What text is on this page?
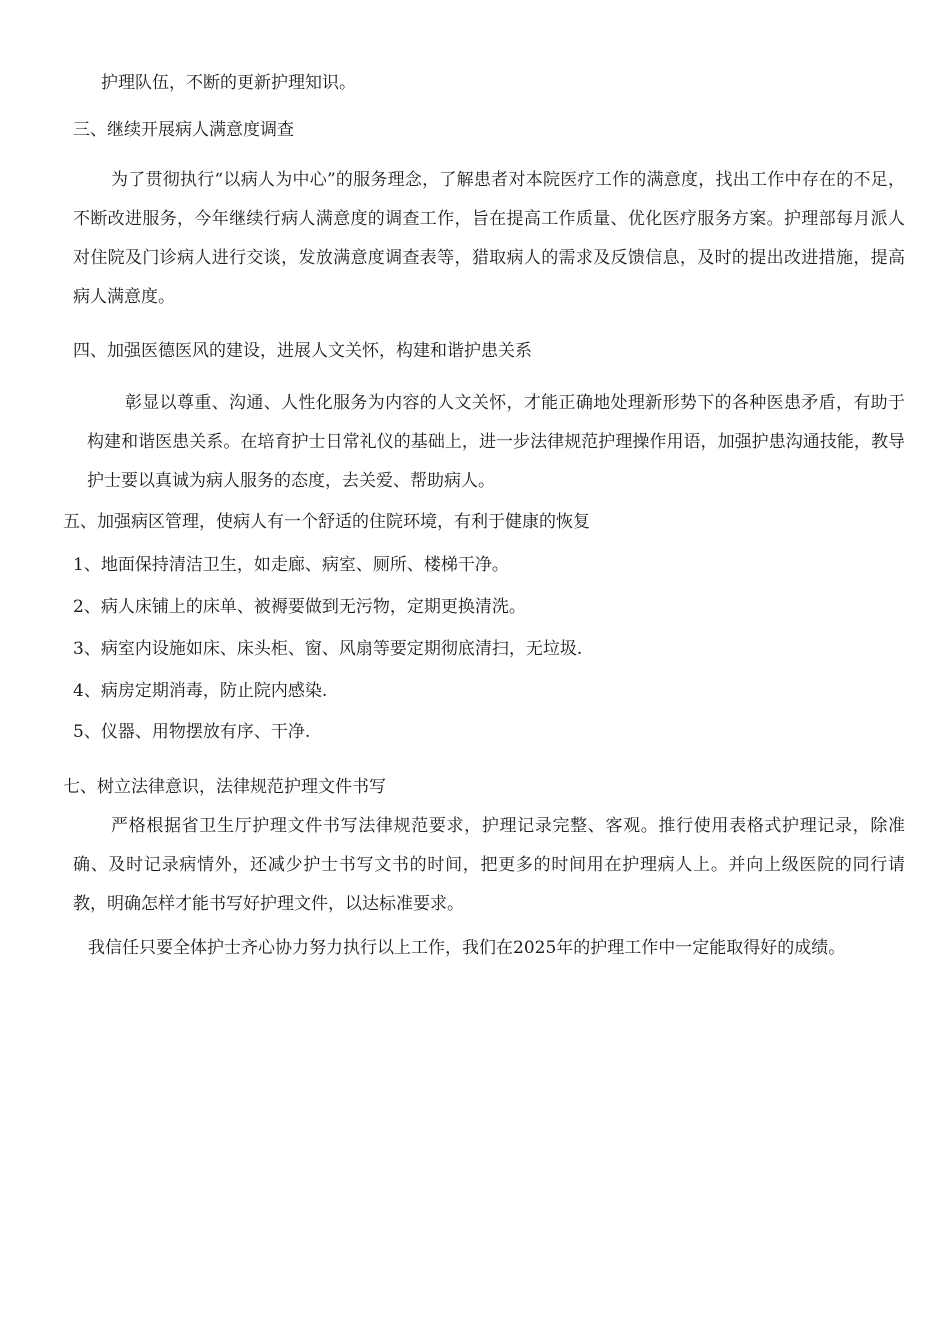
护理队伍，不断的更新护理知识。
三、继续开展病人满意度调查
为了贯彻执行“以病人为中心”的服务理念，了解患者对本院医疗工作的满意度，找出工作中存在的不足，不断改进服务，今年继续行病人满意度的调查工作，旨在提高工作质量、优化医疗服务方案。护理部每月派人对住院及门诊病人进行交谈，发放满意度调查表等，猎取病人的需求及反馈信息，及时的提出改进措施，提高病人满意度。
四、加强医德医风的建设，进展人文关怀，构建和谐护患关系
彰显以尊重、沟通、人性化服务为内容的人文关怀，才能正确地处理新形势下的各种医患矛盾，有助于构建和谐医患关系。在培育护士日常礼仪的基础上，进一步法律规范护理操作用语，加强护患沟通技能，教导护士要以真诚为病人服务的态度，去关爱、帮助病人。
五、加强病区管理，使病人有一个舒适的住院环境，有利于健康的恢复
1、地面保持清洁卫生，如走廊、病室、厕所、楼梯干净。
2、病人床铺上的床单、被褥要做到无污物，定期更换清洗。
3、病室内设施如床、床头柜、窗、风扇等要定期彻底清扫，无垃圾.
4、病房定期消毒，防止院内感染.
5、仪器、用物摆放有序、干净.
七、树立法律意识，法律规范护理文件书写
严格根据省卫生厅护理文件书写法律规范要求，护理记录完整、客观。推行使用表格式护理记录，除准确、及时记录病情外，还减少护士书写文书的时间，把更多的时间用在护理病人上。并向上级医院的同行请教，明确怎样才能书写好护理文件，以达标准要求。
我信任只要全体护士齐心协力努力执行以上工作，我们在2025年的护理工作中一定能取得好的成绩。
